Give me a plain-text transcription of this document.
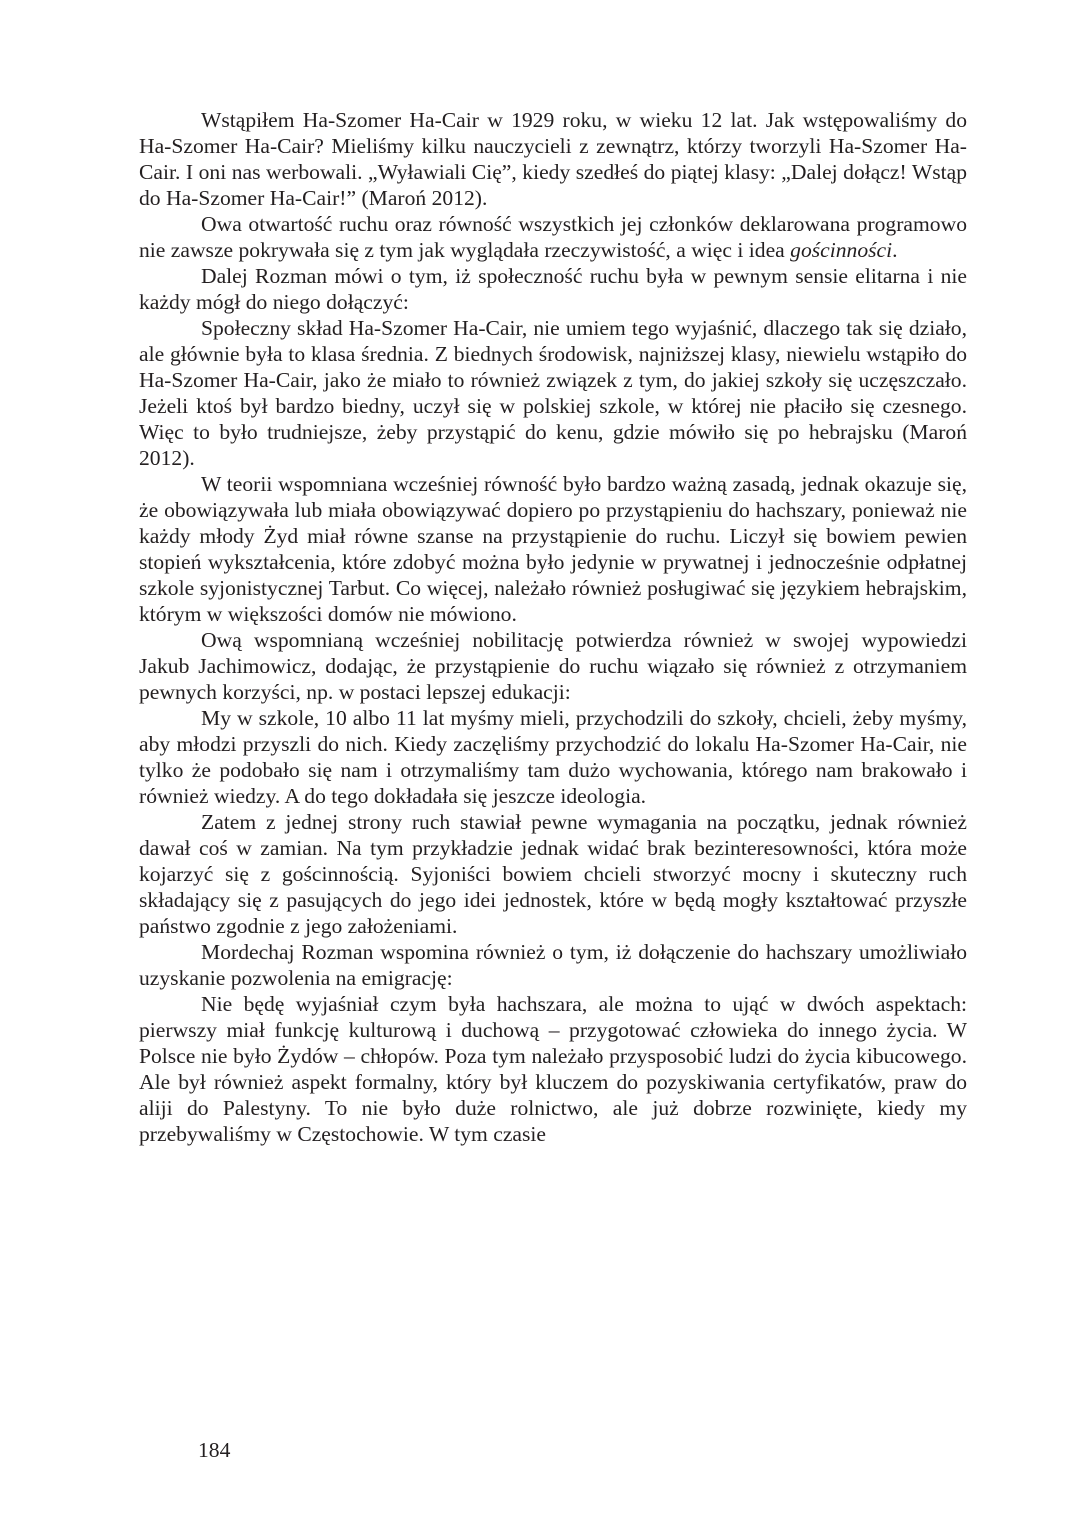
Wstąpiłem Ha-Szomer Ha-Cair w 1929 roku, w wieku 12 lat. Jak wstępowaliśmy do Ha-Szomer Ha-Cair? Mieliśmy kilku nauczycieli z zewnątrz, którzy tworzyli Ha-Szomer Ha-Cair. I oni nas werbowali. „Wyławiali Cię”, kiedy szedłeś do piątej klasy: „Dalej dołącz! Wstąp do Ha-Szomer Ha-Cair!” (Maroń 2012).

Owa otwartość ruchu oraz równość wszystkich jej członków deklarowana programowo nie zawsze pokrywała się z tym jak wyglądała rzeczywistość, a więc i idea gościnności.

Dalej Rozman mówi o tym, iż społeczność ruchu była w pewnym sensie elitarna i nie każdy mógł do niego dołączyć:

Społeczny skład Ha-Szomer Ha-Cair, nie umiem tego wyjaśnić, dlaczego tak się działo, ale głównie była to klasa średnia. Z biednych środowisk, najniższej klasy, niewielu wstąpiło do Ha-Szomer Ha-Cair, jako że miało to również związek z tym, do jakiej szkoły się uczęszczało. Jeżeli ktoś był bardzo biedny, uczył się w polskiej szkole, w której nie płaciło się czesnego. Więc to było trudniejsze, żeby przystąpić do kenu, gdzie mówiło się po hebrajsku (Maroń 2012).

W teorii wspomniana wcześniej równość było bardzo ważną zasadą, jednak okazuje się, że obowiązywała lub miała obowiązywać dopiero po przystąpieniu do hachszary, ponieważ nie każdy młody Żyd miał równe szanse na przystąpienie do ruchu. Liczył się bowiem pewien stopień wykształcenia, które zdobyć można było jedynie w prywatnej i jednocześnie odpłatnej szkole syjonistycznej Tarbut. Co więcej, należało również posługiwać się językiem hebrajskim, którym w większości domów nie mówiono.

Ową wspomnianą wcześniej nobilitację potwierdza również w swojej wypowiedzi Jakub Jachimowicz, dodając, że przystąpienie do ruchu wiązało się również z otrzymaniem pewnych korzyści, np. w postaci lepszej edukacji:

My w szkole, 10 albo 11 lat myśmy mieli, przychodzili do szkoły, chcieli, żeby myśmy, aby młodzi przyszli do nich. Kiedy zaczęliśmy przychodzić do lokalu Ha-Szomer Ha-Cair, nie tylko że podobało się nam i otrzymaliśmy tam dużo wychowania, którego nam brakowało i również wiedzy. A do tego dokładała się jeszcze ideologia.

Zatem z jednej strony ruch stawiał pewne wymagania na początku, jednak również dawał coś w zamian. Na tym przykładzie jednak widać brak bezinteresowności, która może kojarzyć się z gościnnością. Syjoniści bowiem chcieli stworzyć mocny i skuteczny ruch składający się z pasujących do jego idei jednostek, które w będą mogły kształtować przyszłe państwo zgodnie z jego założeniami.

Mordechaj Rozman wspomina również o tym, iż dołączenie do hachszary umożliwiało uzyskanie pozwolenia na emigrację:

Nie będę wyjaśniał czym była hachszara, ale można to ująć w dwóch aspektach: pierwszy miał funkcję kulturową i duchową – przygotować człowieka do innego życia. W Polsce nie było Żydów – chłopów. Poza tym należało przysposobić ludzi do życia kibucowego. Ale był również aspekt formalny, który był kluczem do pozyskiwania certyfikatów, praw do aliji do Palestyny. To nie było duże rolnictwo, ale już dobrze rozwinięte, kiedy my przebywaliśmy w Częstochowie. W tym czasie

184
